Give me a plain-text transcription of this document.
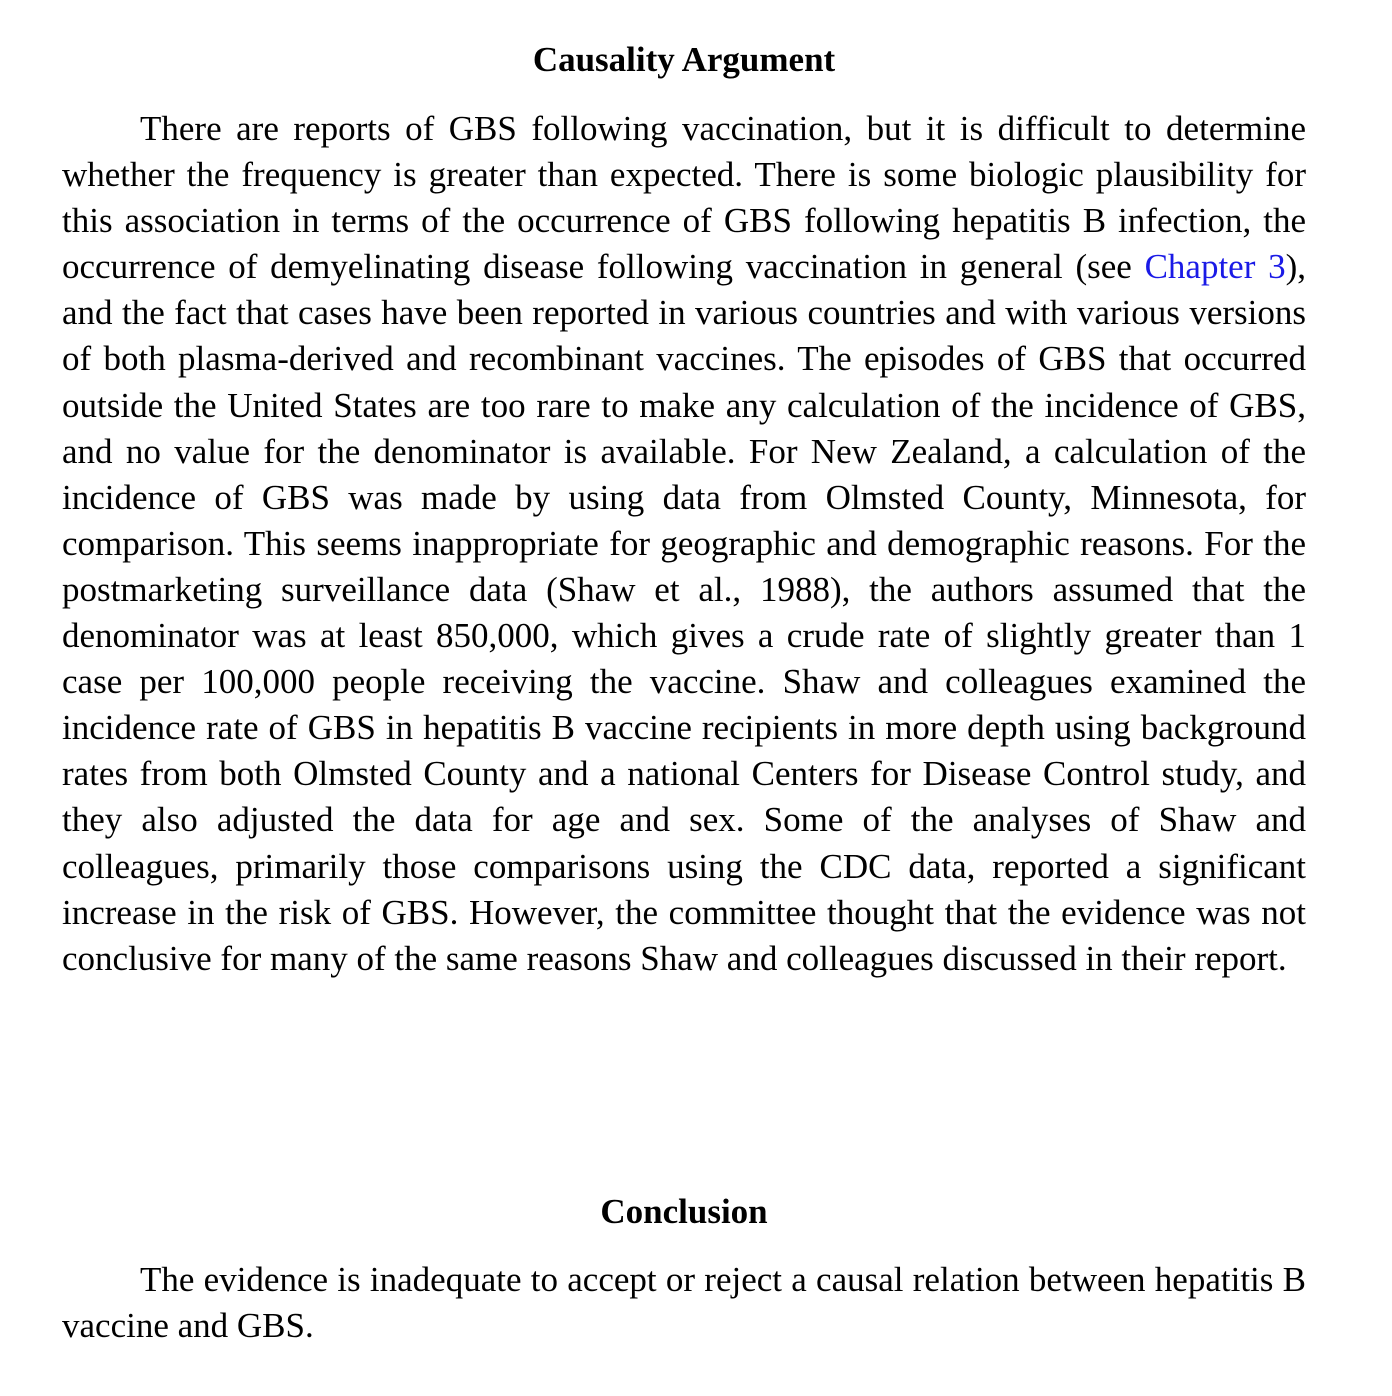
Causality Argument

There are reports of GBS following vaccination, but it is difficult to determine whether the frequency is greater than expected. There is some biologic plausibility for this association in terms of the occurrence of GBS following hepatitis B infection, the occurrence of demyelinating disease following vaccination in general (see Chapter 3), and the fact that cases have been reported in various countries and with various versions of both plasma-derived and recombinant vaccines. The episodes of GBS that occurred outside the United States are too rare to make any calculation of the incidence of GBS, and no value for the denominator is available. For New Zealand, a calculation of the incidence of GBS was made by using data from Olmsted County, Minnesota, for comparison. This seems inappropriate for geographic and demographic reasons. For the postmarketing surveillance data (Shaw et al., 1988), the authors assumed that the denominator was at least 850,000, which gives a crude rate of slightly greater than 1 case per 100,000 people receiving the vaccine. Shaw and colleagues examined the incidence rate of GBS in hepatitis B vaccine recipients in more depth using background rates from both Olmsted County and a national Centers for Disease Control study, and they also adjusted the data for age and sex. Some of the analyses of Shaw and colleagues, primarily those comparisons using the CDC data, reported a significant increase in the risk of GBS. However, the committee thought that the evidence was not conclusive for many of the same reasons Shaw and colleagues discussed in their report.

Conclusion

The evidence is inadequate to accept or reject a causal relation between hepatitis B vaccine and GBS.
